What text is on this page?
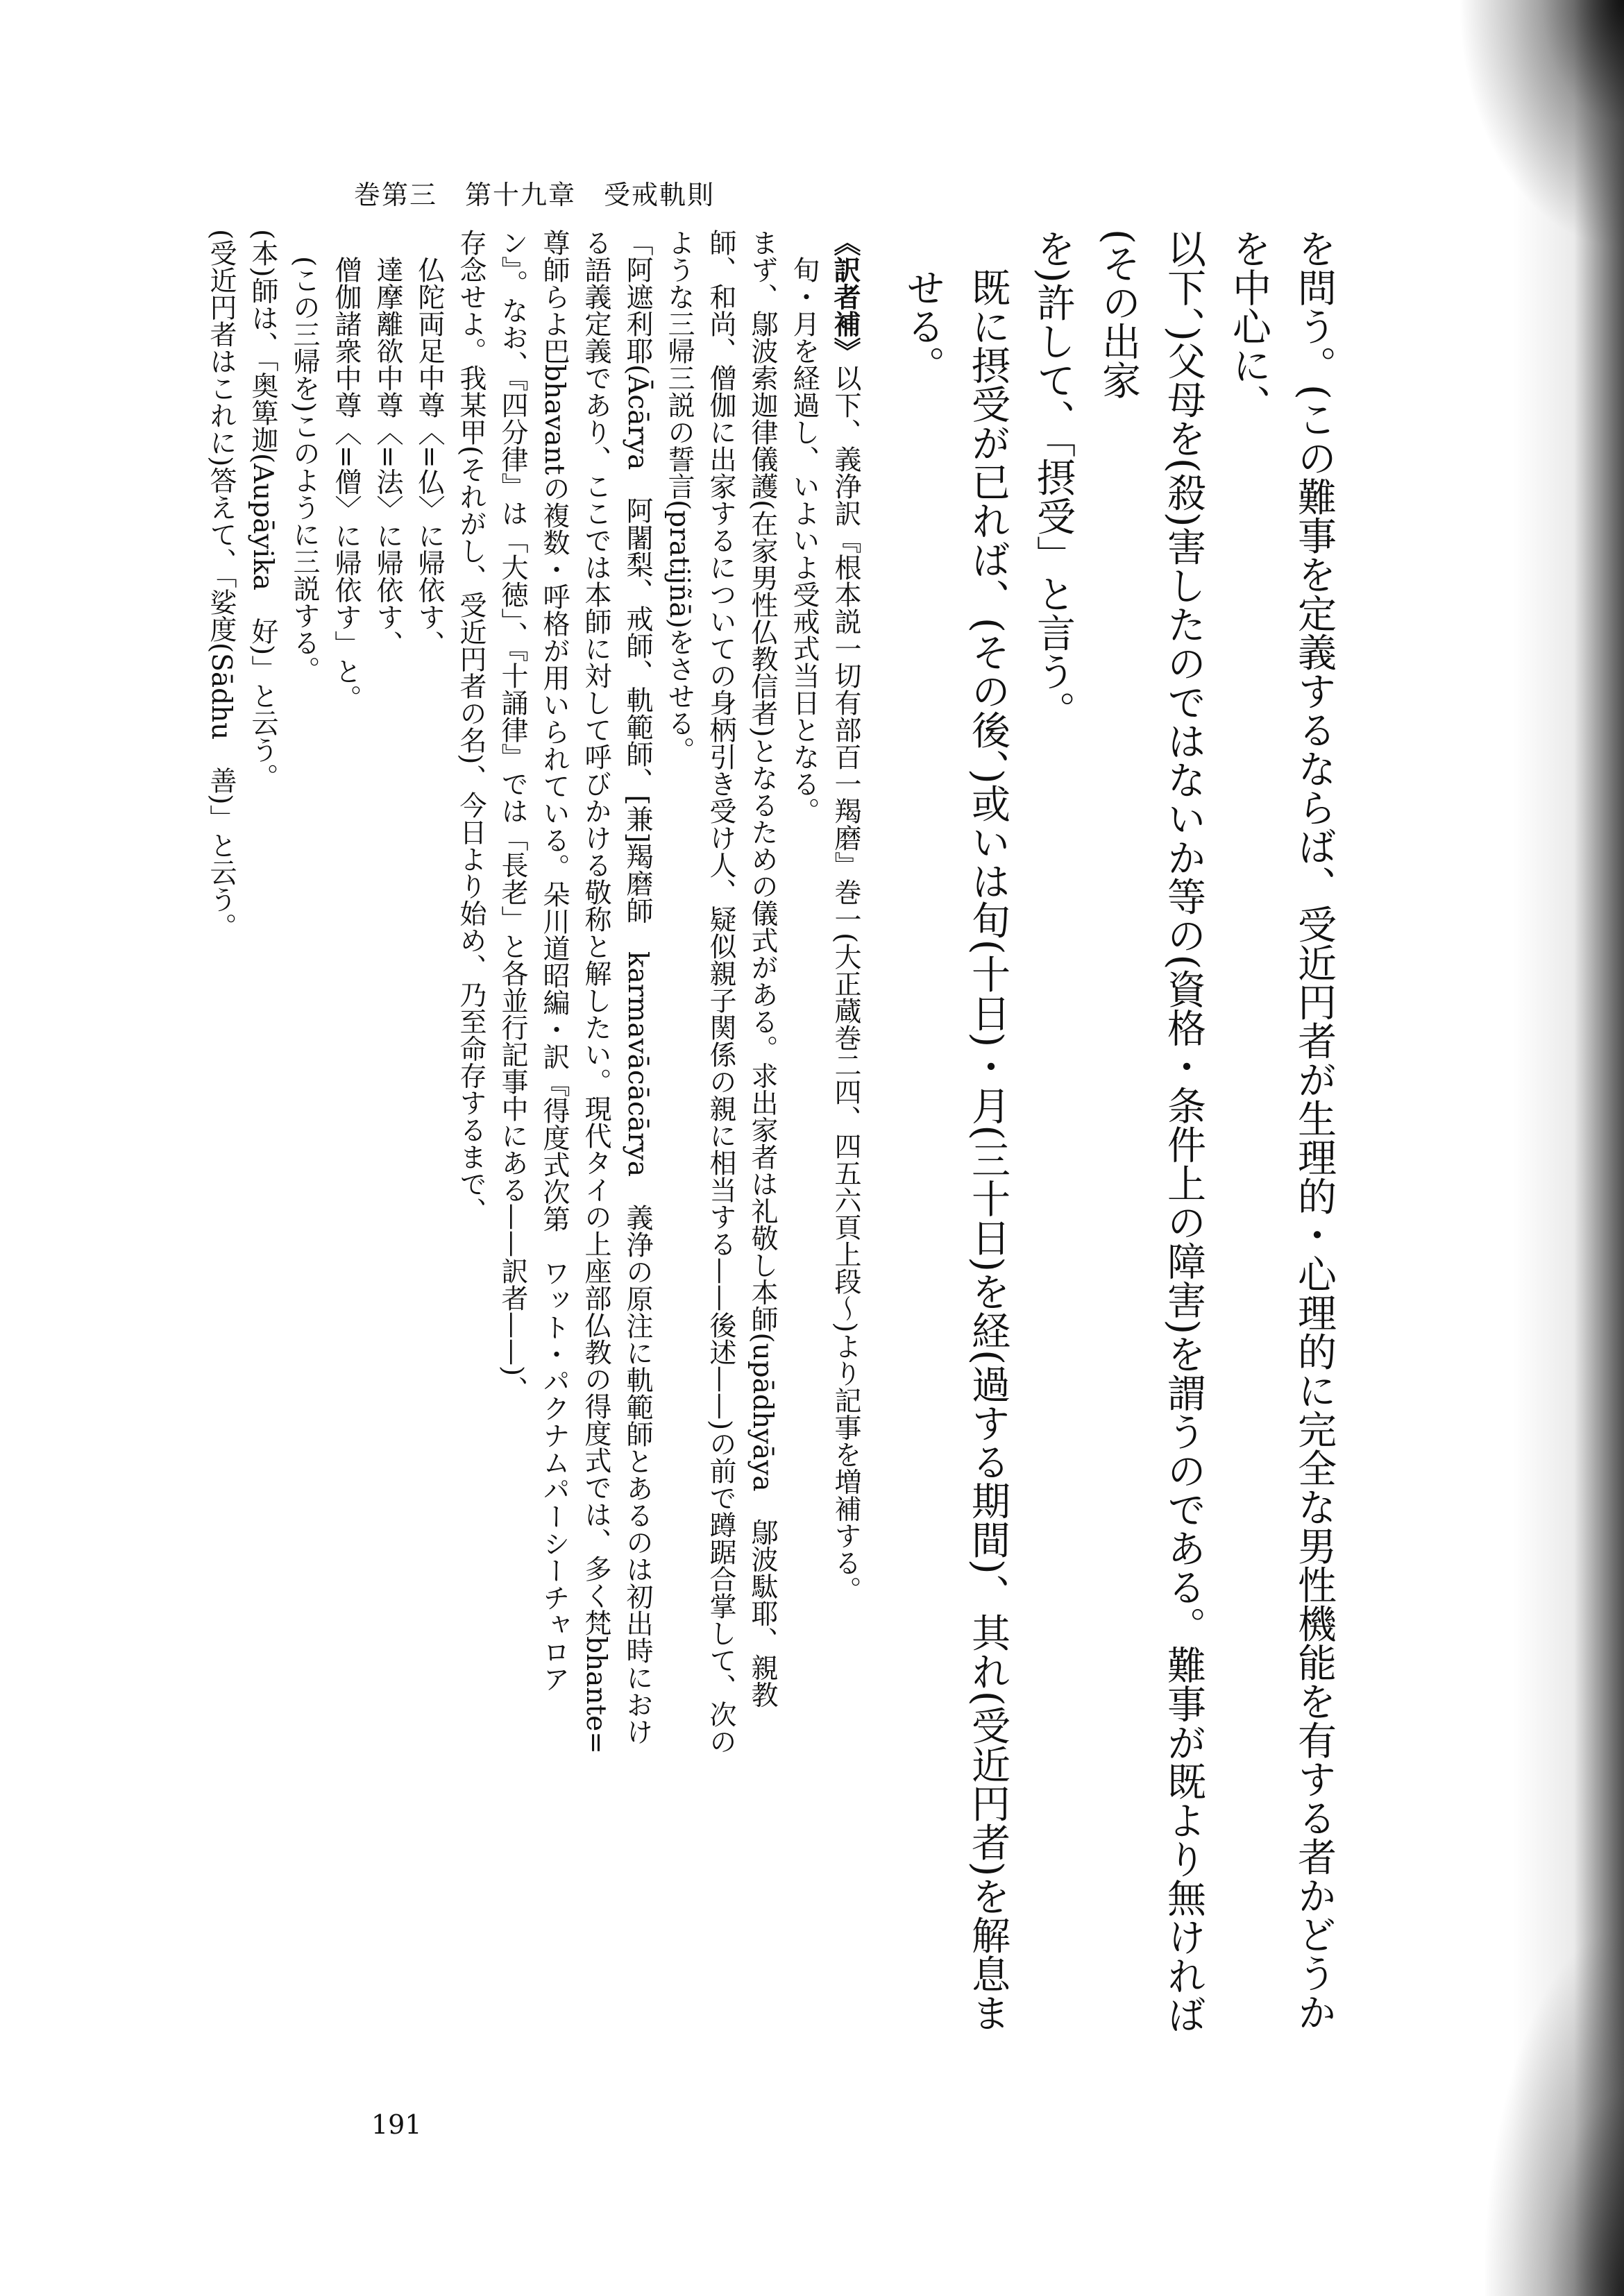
巻第三　第十九章　受戒軌則

を問う。(この難事を定義するならば、受近円者が生理的・心理的に完全な男性機能を有する者かどうかを中心に、

以下、)父母を(殺)害したのではないか等の(資格・条件上の障害)を謂うのである。難事が既より無ければ(その出家

を)許して、「摂受」と言う。

既に摂受が已れば、(その後、)或いは旬(十日)・月(三十日)を経(過する期間)、其れ(受近円者)を解息ませる。

《訳者補》以下、義浄訳『根本説一切有部百一羯磨』巻一(大正蔵巻二四、四五六頁上段〜)より記事を増補する。

旬・月を経過し、いよいよ受戒式当日となる。

まず、鄔波索迦律儀護(在家男性仏教信者)となるための儀式がある。求出家者は礼敬し本師(upādhyāya　鄔波駄耶、親教

師、和尚、僧伽に出家するについての身柄引き受け人、疑似親子関係の親に相当する——後述——)の前で蹲踞合掌して、次の

ような三帰三説の誓言(pratijñā)をさせる。

「阿遮利耶(Ācārya　阿闍梨、戒師、軌範師、[兼]羯磨師　karmavācācārya　義浄の原注に軌範師とあるのは初出時におけ

る語義定義であり、ここでは本師に対して呼びかける敬称と解したい。現代タイの上座部仏教の得度式では、多く梵bhante=

尊師らよ巴bhavantの複数・呼格が用いられている。朵川道昭編・訳『得度式次第　ワット・パクナムパーシーチャロア

ン』。なお、『四分律』は「大徳」、『十誦律』では「長老」と各並行記事中にある——訳者——)、

存念せよ。我某甲(それがし、受近円者の名)、今日より始め、乃至命存するまで、

仏陀両足中尊〈=仏〉に帰依す、

達摩離欲中尊〈=法〉に帰依す、

僧伽諸衆中尊〈=僧〉に帰依す」と。

(この三帰を)このように三説する。

(本)師は、「奥箄迦(Aupāyika　好)」と云う。

(受近円者はこれに)答えて、「娑度(Sādhu　善)」と云う。

191
